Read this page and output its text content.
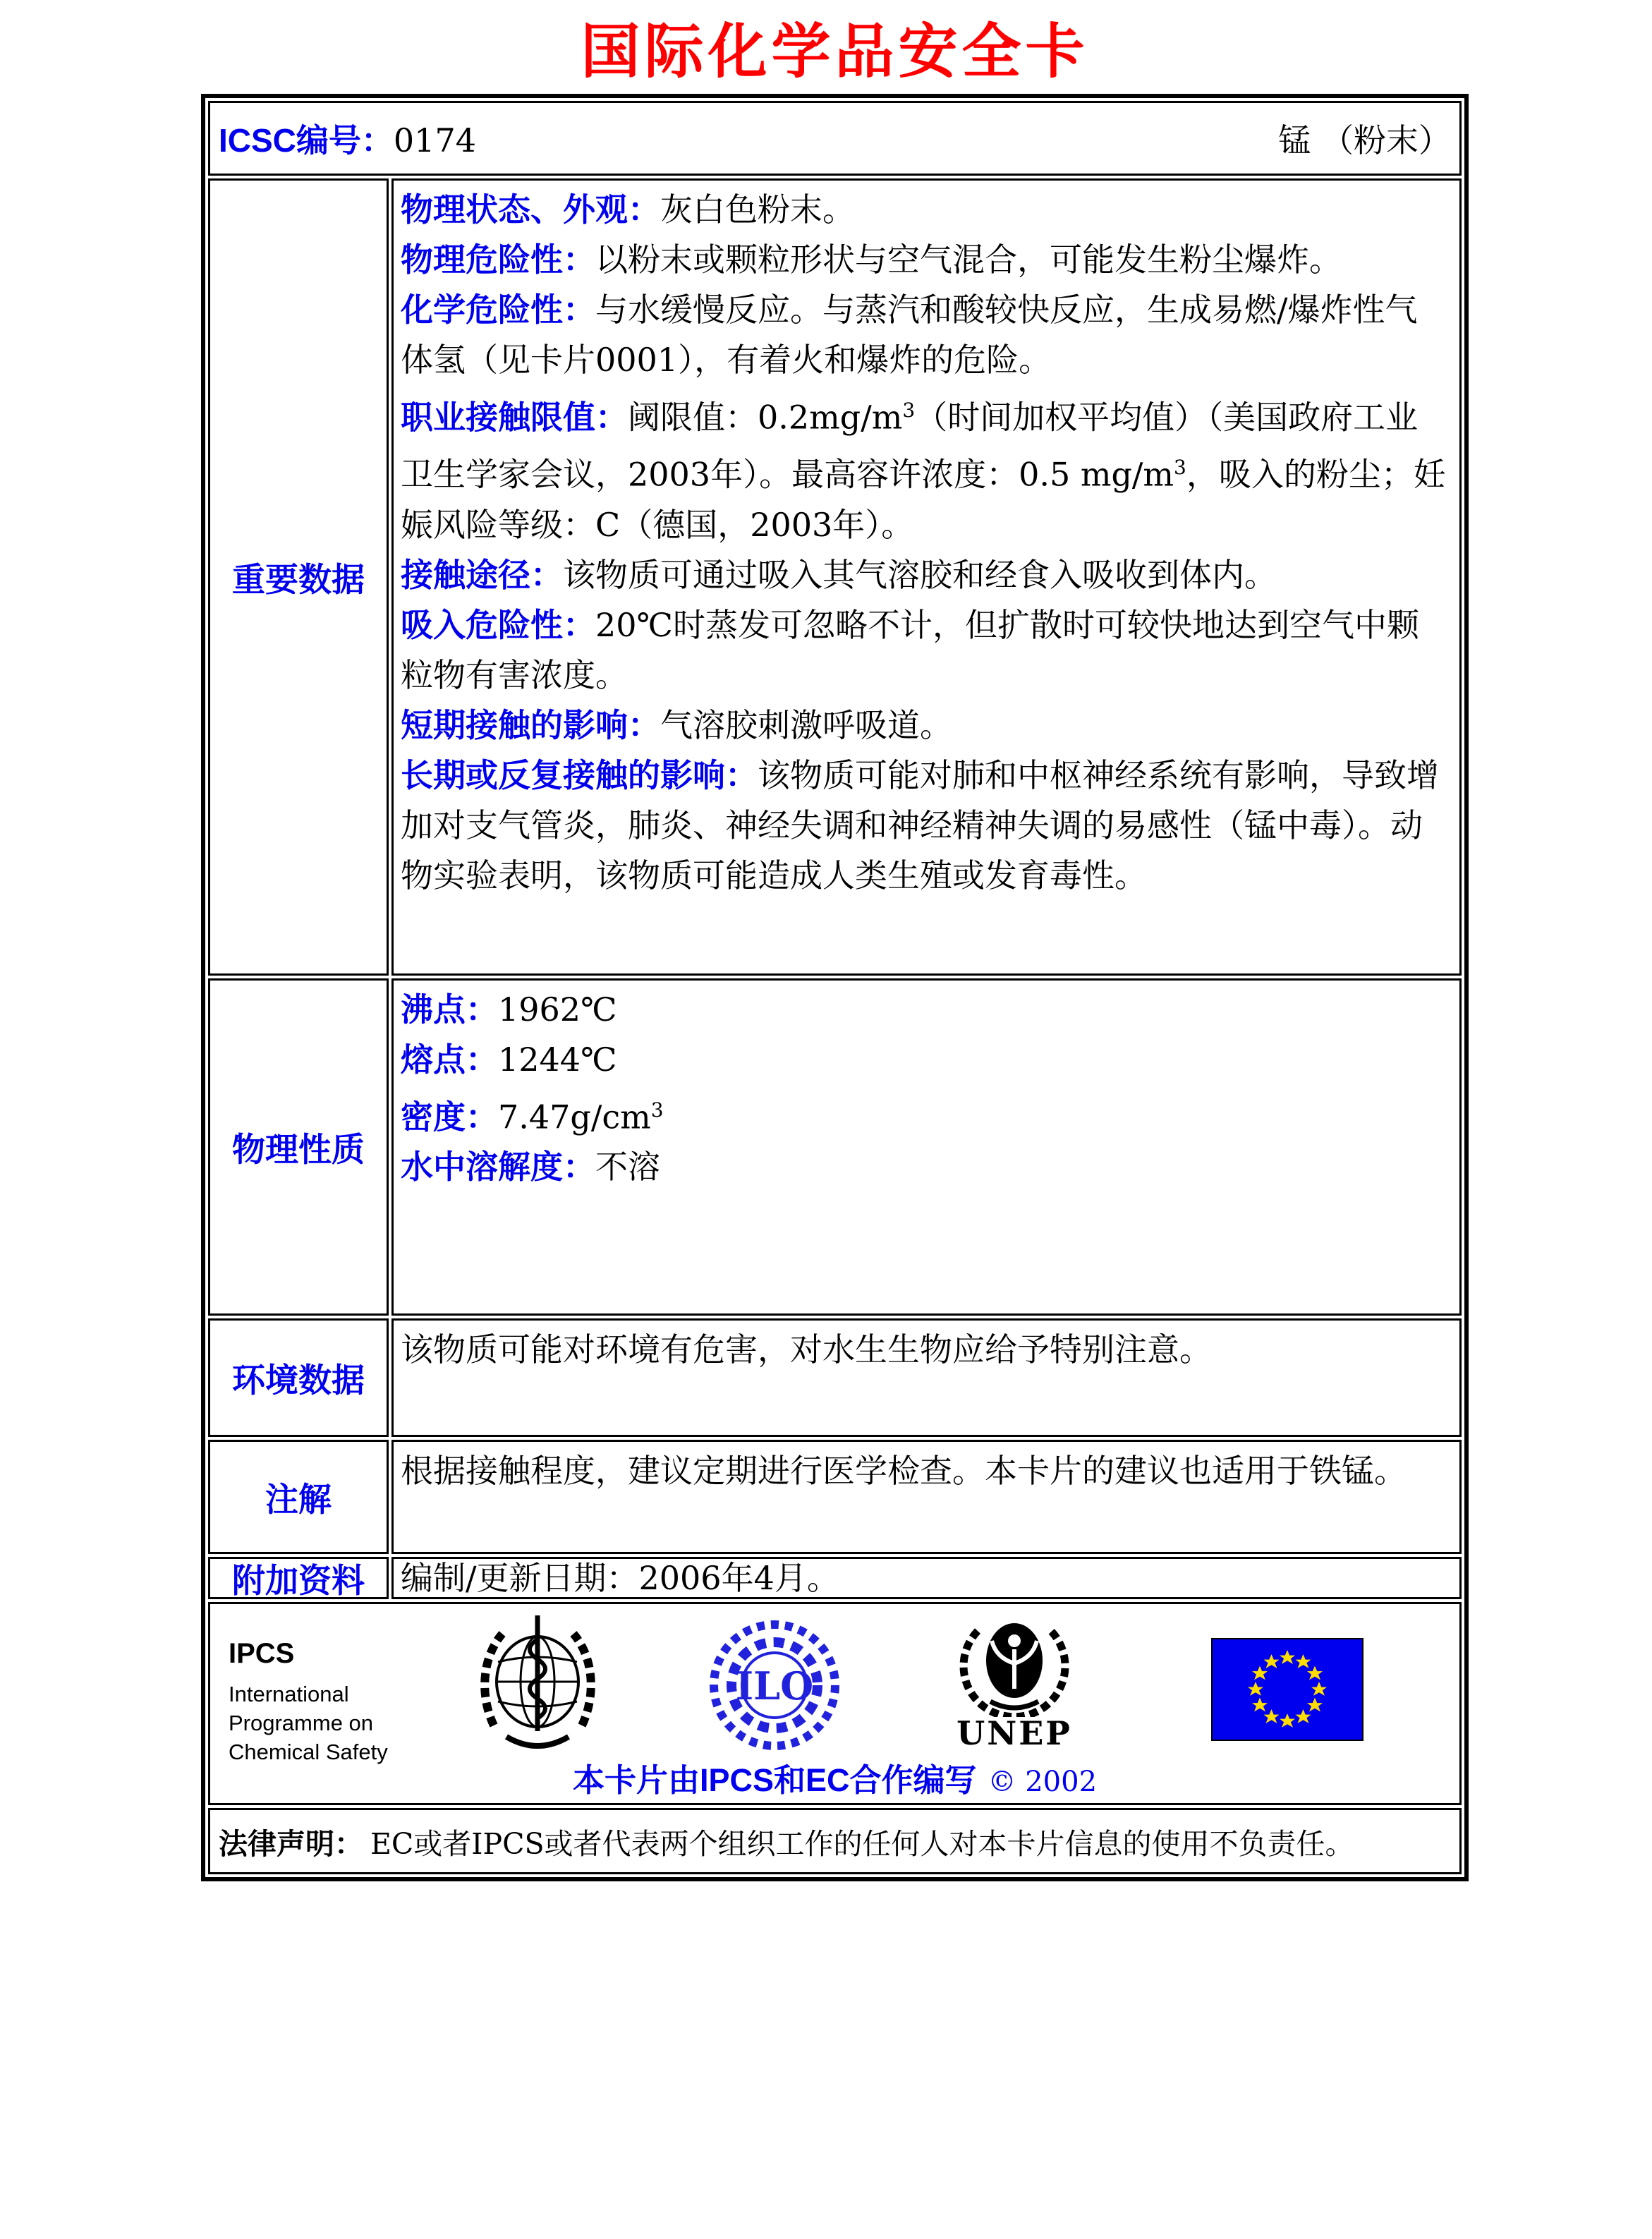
国际化学品安全卡
ICSC编号：0174	锰 （粉末）
重要数据
物理状态、外观：灰白色粉末。
物理危险性：以粉末或颗粒形状与空气混合，可能发生粉尘爆炸。
化学危险性：与水缓慢反应。与蒸汽和酸较快反应，生成易燃/爆炸性气体氢（见卡片0001），有着火和爆炸的危险。
职业接触限值：阈限值：$0.2mg/m^3$（时间加权平均值）（美国政府工业卫生学家会议，2003年）。最高容许浓度：0.5 $mg/m^3$，吸入的粉尘；妊娠风险等级：C（德国，2003年）。
接触途径：该物质可通过吸入其气溶胶和经食入吸收到体内。
吸入危险性：20℃时蒸发可忽略不计，但扩散时可较快地达到空气中颗粒物有害浓度。
短期接触的影响：气溶胶刺激呼吸道。
长期或反复接触的影响：该物质可能对肺和中枢神经系统有影响，导致增加对支气管炎，肺炎、神经失调和神经精神失调的易感性（锰中毒）。动物实验表明，该物质可能造成人类生殖或发育毒性。
物理性质
沸点：1962℃
熔点：1244℃
密度：$7.47g/cm^3$
水中溶解度：不溶
环境数据
该物质可能对环境有危害，对水生生物应给予特别注意。
注解
根据接触程度，建议定期进行医学检查。本卡片的建议也适用于铁锰。
附加资料	编制/更新日期：2006年4月。
IPCS
International
Programme on
Chemical Safety
ILO
UNEP
本卡片由IPCS和EC合作编写 © 2002
法律声明： EC或者IPCS或者代表两个组织工作的任何人对本卡片信息的使用不负责任。
